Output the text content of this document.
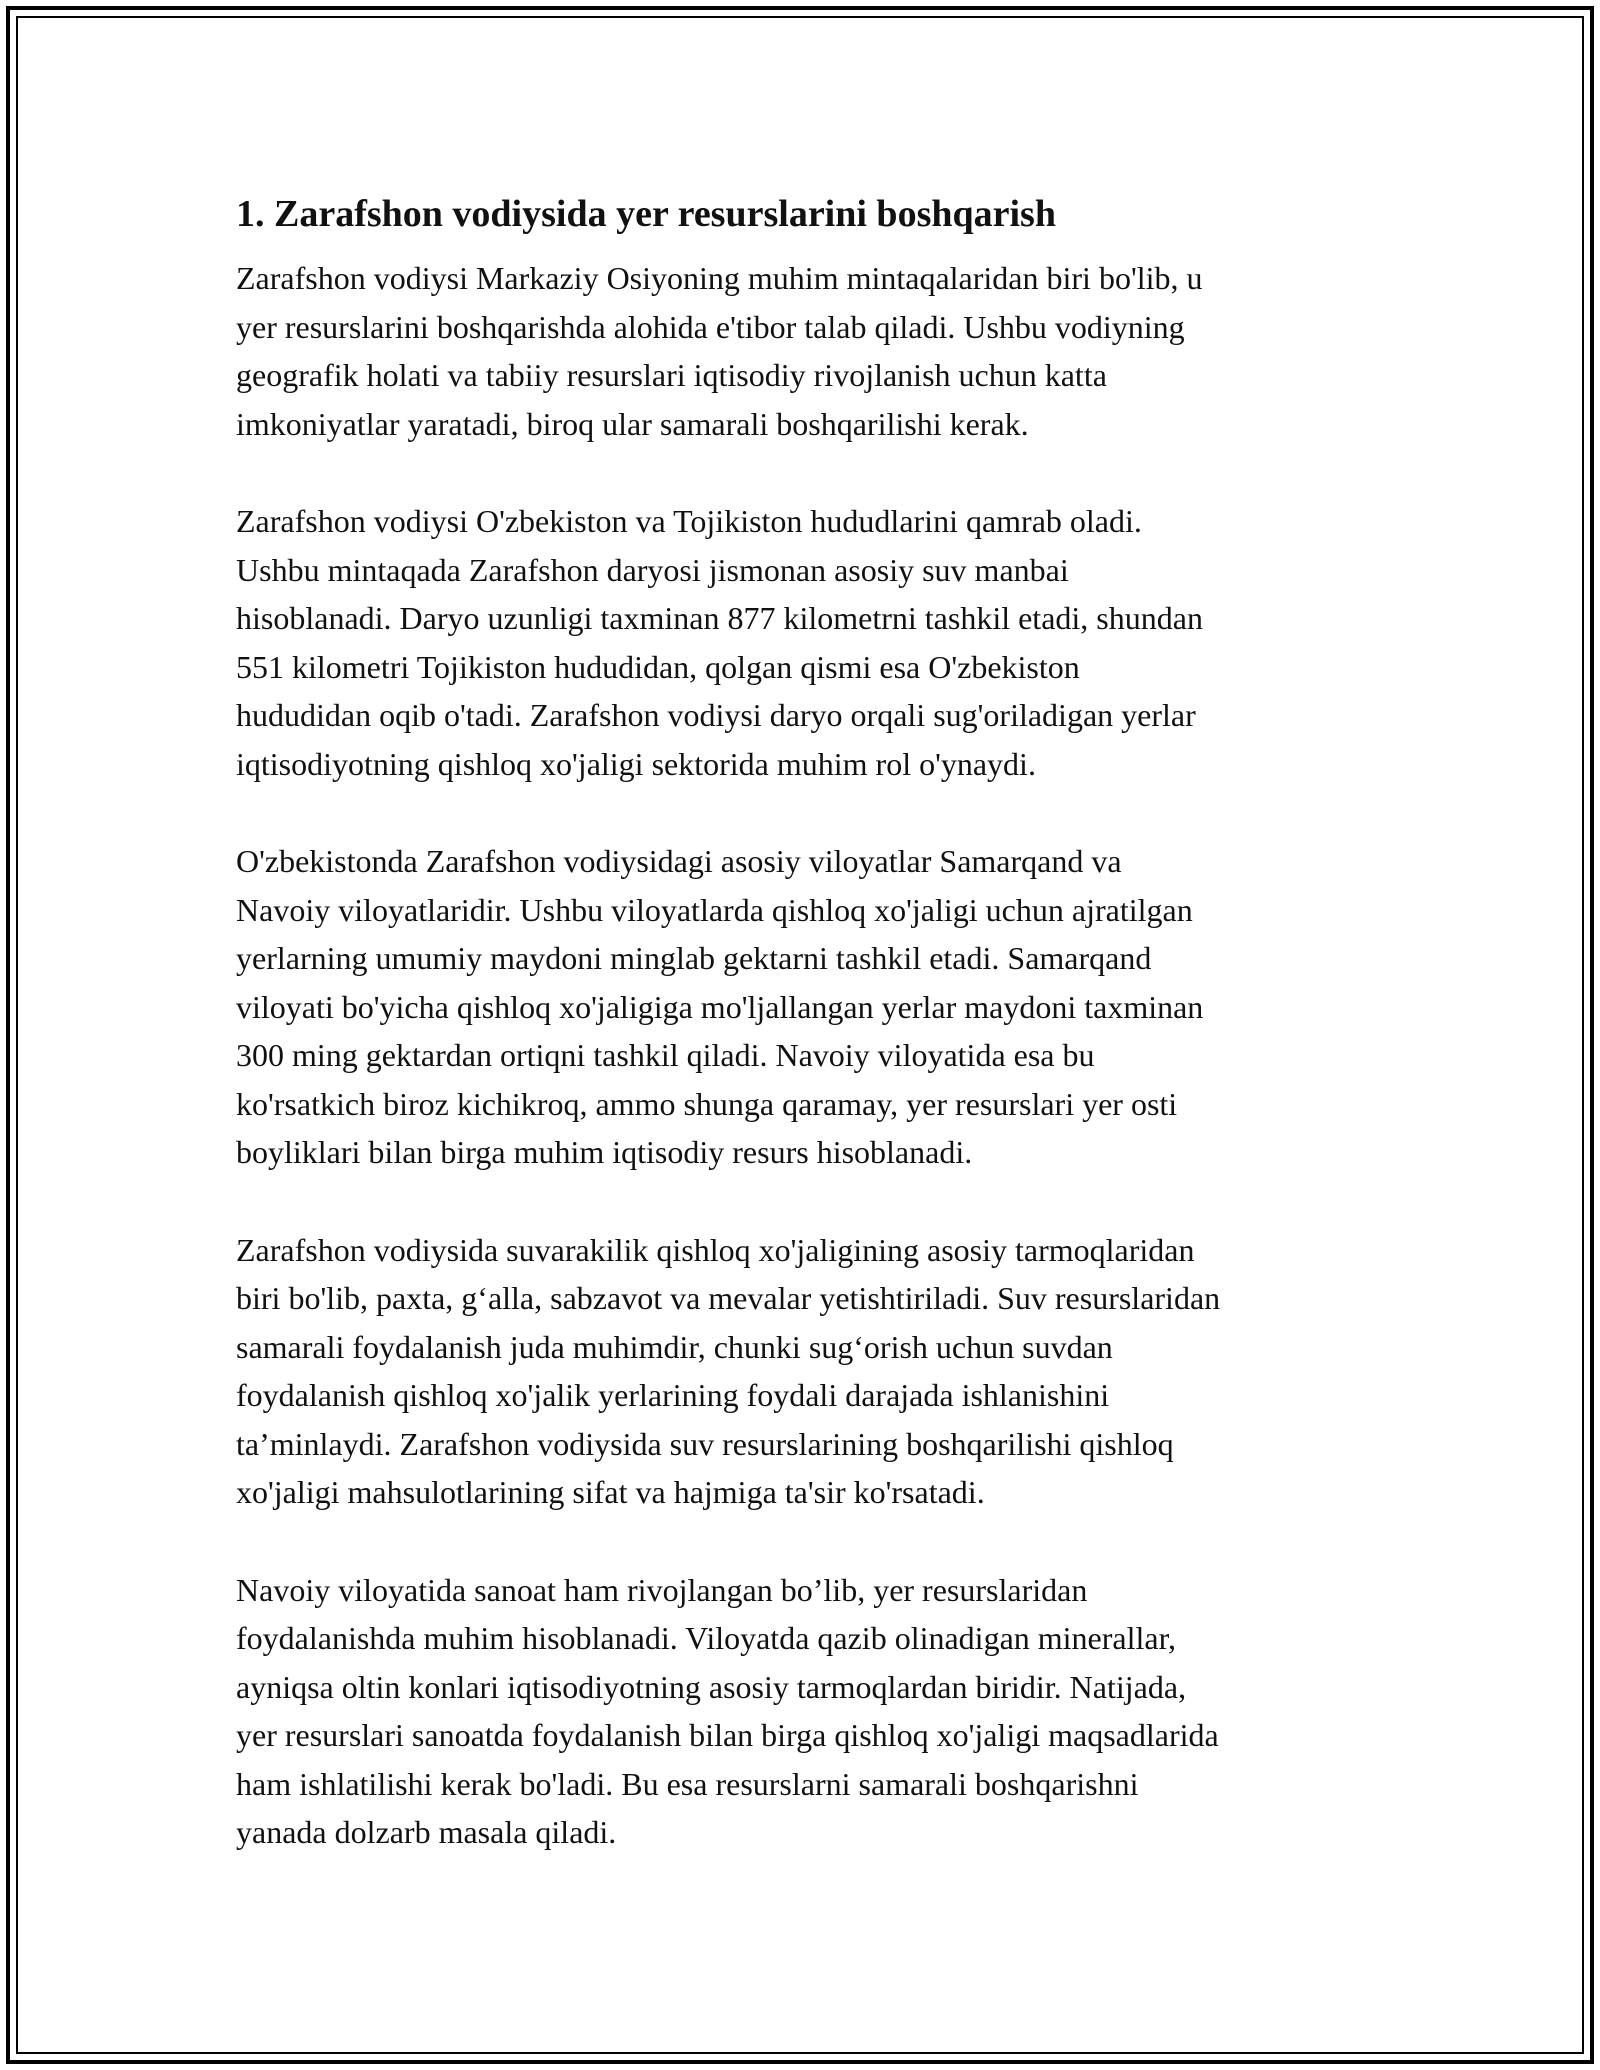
1. Zarafshon vodiysida yer resurslarini boshqarish
Zarafshon vodiysi Markaziy Osiyoning muhim mintaqalaridan biri bo'lib, u
yer resurslarini boshqarishda alohida e'tibor talab qiladi. Ushbu vodiyning
geografik holati va tabiiy resurslari iqtisodiy rivojlanish uchun katta
imkoniyatlar yaratadi, biroq ular samarali boshqarilishi kerak.
Zarafshon vodiysi O'zbekiston va Tojikiston hududlarini qamrab oladi.
Ushbu mintaqada Zarafshon daryosi jismonan asosiy suv manbai
hisoblanadi. Daryo uzunligi taxminan 877 kilometrni tashkil etadi, shundan
551 kilometri Tojikiston hududidan, qolgan qismi esa O'zbekiston
hududidan oqib o'tadi. Zarafshon vodiysi daryo orqali sug'oriladigan yerlar
iqtisodiyotning qishloq xo'jaligi sektorida muhim rol o'ynaydi.
O'zbekistonda Zarafshon vodiysidagi asosiy viloyatlar Samarqand va
Navoiy viloyatlaridir. Ushbu viloyatlarda qishloq xo'jaligi uchun ajratilgan
yerlarning umumiy maydoni minglab gektarni tashkil etadi. Samarqand
viloyati bo'yicha qishloq xo'jaligiga mo'ljallangan yerlar maydoni taxminan
300 ming gektardan ortiqni tashkil qiladi. Navoiy viloyatida esa bu
ko'rsatkich biroz kichikroq, ammo shunga qaramay, yer resurslari yer osti
boyliklari bilan birga muhim iqtisodiy resurs hisoblanadi.
Zarafshon vodiysida suvarakilik qishloq xo'jaligining asosiy tarmoqlaridan
biri bo'lib, paxta, g‘alla, sabzavot va mevalar yetishtiriladi. Suv resurslaridan
samarali foydalanish juda muhimdir, chunki sug‘orish uchun suvdan
foydalanish qishloq xo'jalik yerlarining foydali darajada ishlanishini
ta’minlaydi. Zarafshon vodiysida suv resurslarining boshqarilishi qishloq
xo'jaligi mahsulotlarining sifat va hajmiga ta'sir ko'rsatadi.
Navoiy viloyatida sanoat ham rivojlangan bo’lib, yer resurslaridan
foydalanishda muhim hisoblanadi. Viloyatda qazib olinadigan minerallar,
ayniqsa oltin konlari iqtisodiyotning asosiy tarmoqlardan biridir. Natijada,
yer resurslari sanoatda foydalanish bilan birga qishloq xo'jaligi maqsadlarida
ham ishlatilishi kerak bo'ladi. Bu esa resurslarni samarali boshqarishni
yanada dolzarb masala qiladi.
